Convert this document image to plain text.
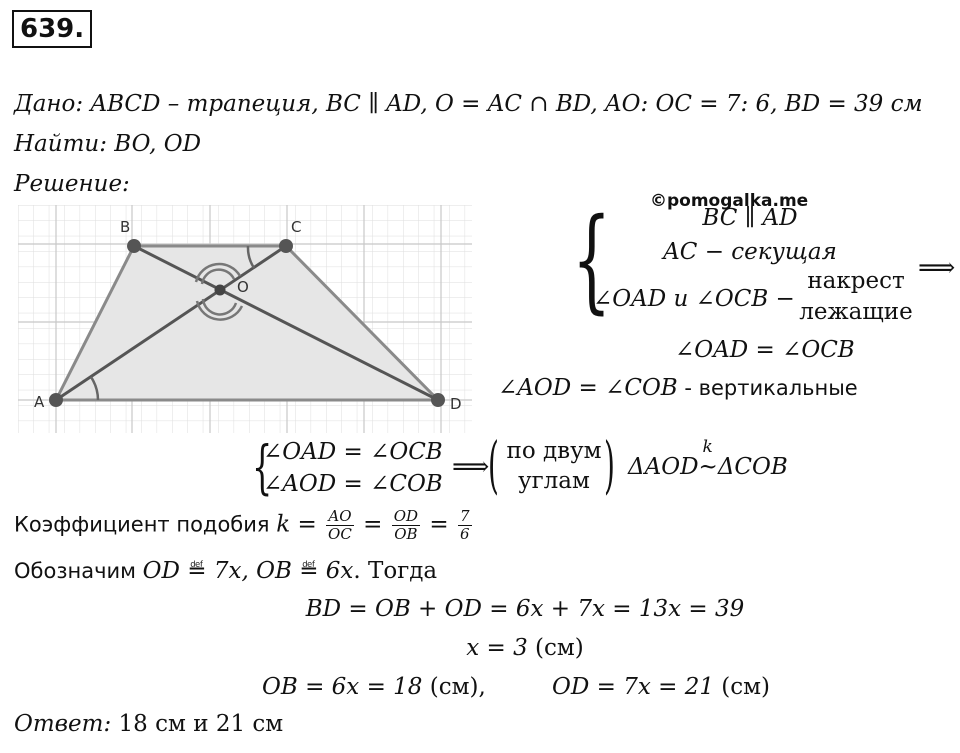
639.
Дано: ABCD – трапеция, BC ∥ AD, O = AC ∩ BD, AO: OC = 7: 6, BD = 39 см
Найти: BO, OD
Решение:
A
B	C
D
O
©pomogalka.me
{	BC ∥ AD
AC − секущая
∠OAD и ∠OCB −
накрест
лежащие
⟹
∠OAD = ∠OCB
∠AOD = ∠COB - вертикальные
{
∠OAD = ∠OCB
∠AOD = ∠COB
⟹
( по двум
углам ) ΔAOD
k
~ΔCOB
Коэффициент подобия $k = \frac{AO}{OC} = \frac{OD}{OB} = \frac{7}{6}$
Обозначим OD ≝ 7x, OB ≝ 6x. Тогда
BD = OB + OD = 6x + 7x = 13x = 39
x = 3 (см)
OB = 6x = 18 (см),	OD = 7x = 21 (см)
Ответ: 18 см и 21 см
